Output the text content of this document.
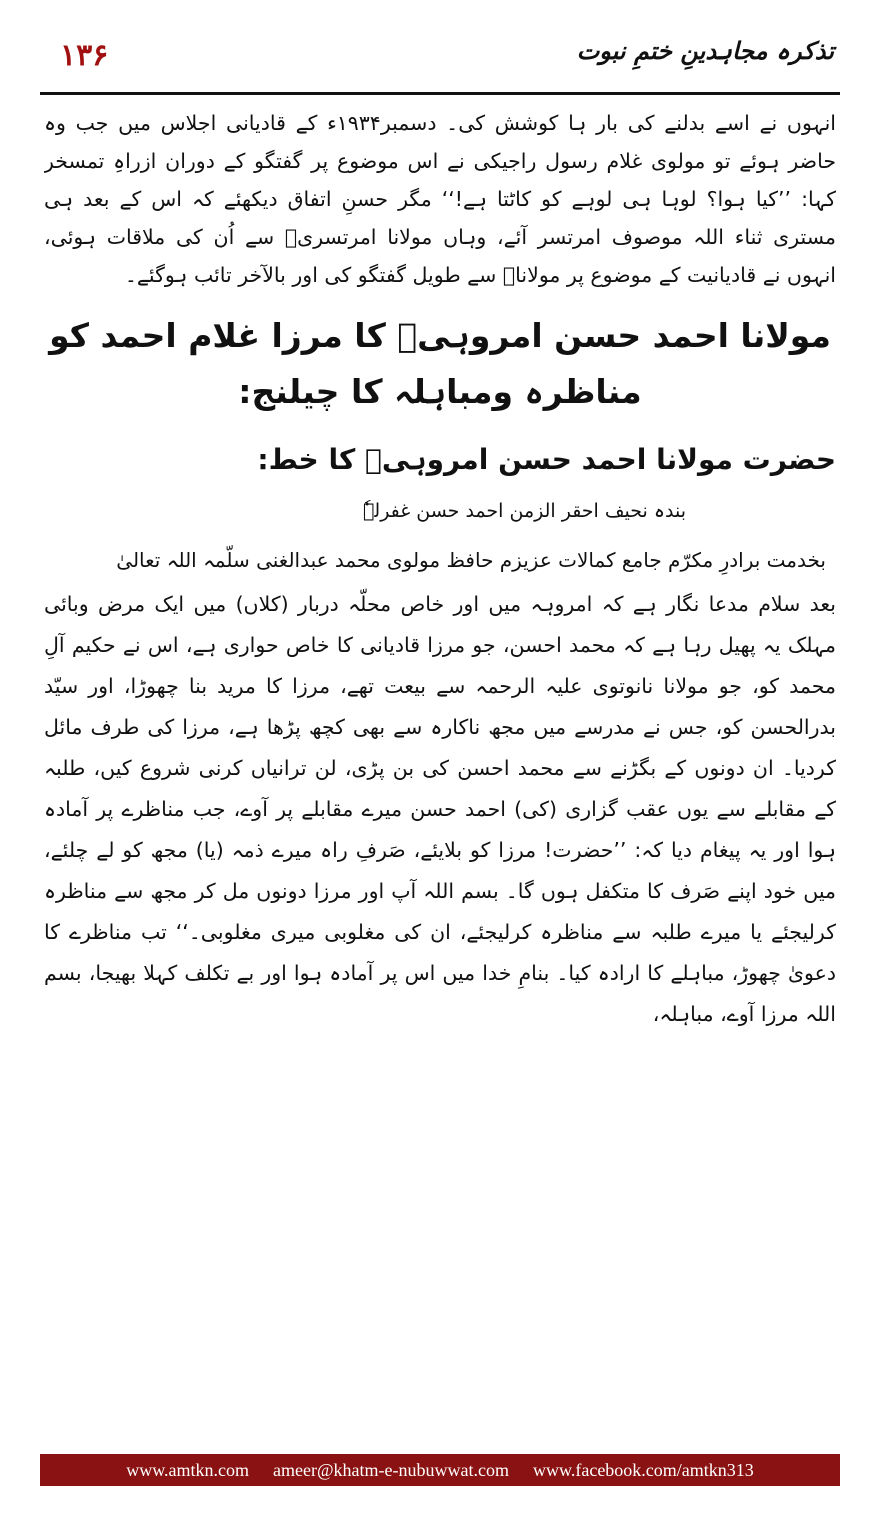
۱۳۶	تذکرہ مجاہدینِ ختمِ نبوت

انہوں نے اسے بدلنے کی بار ہا کوشش کی۔ دسمبر۱۹۳۴ء کے قادیانی اجلاس میں جب وہ حاضر ہوئے تو مولوی غلام رسول راجیکی نے اس موضوع پر گفتگو کے دوران ازراہِ تمسخر کہا: ’’کیا ہوا؟ لوہا ہی لوہے کو کاٹتا ہے!‘‘ مگر حسنِ اتفاق دیکھئے کہ اس کے بعد ہی مستری ثناء اللہ موصوف امرتسر آئے، وہاں مولانا امرتسریؒ سے اُن کی ملاقات ہوئی، انہوں نے قادیانیت کے موضوع پر مولاناؒ سے طویل گفتگو کی اور بالآخر تائب ہوگئے۔

مولانا احمد حسن امروہیؒ کا مرزا غلام احمد کو
مناظرہ ومباہلہ کا چیلنج:
حضرت مولانا احمد حسن امروہیؒ کا خط:
بندہ نحیف احقر الزمن احمد حسن غفرلہٗ
بخدمت برادرِ مکرّم جامع کمالات عزیزم حافظ مولوی محمد عبدالغنی سلّمہ اللہ تعالیٰ

بعد سلام مدعا نگار ہے کہ امروہہ میں اور خاص محلّہ دربار (کلاں) میں ایک مرض وبائی مہلک یہ پھیل رہا ہے کہ محمد احسن، جو مرزا قادیانی کا خاص حواری ہے، اس نے حکیم آلِ محمد کو، جو مولانا نانوتوی علیہ الرحمہ سے بیعت تھے، مرزا کا مرید بنا چھوڑا، اور سیّد بدرالحسن کو، جس نے مدرسے میں مجھ ناکارہ سے بھی کچھ پڑھا ہے، مرزا کی طرف مائل کردیا۔ ان دونوں کے بگڑنے سے محمد احسن کی بن پڑی، لن ترانیاں کرنی شروع کیں، طلبہ کے مقابلے سے یوں عقب گزاری (کی) احمد حسن میرے مقابلے پر آوے، جب مناظرے پر آمادہ ہوا اور یہ پیغام دیا کہ: ’’حضرت! مرزا کو بلایئے، صَرفِ راہ میرے ذمہ (یا) مجھ کو لے چلئے، میں خود اپنے صَرف کا متکفل ہوں گا۔ بسم اللہ آپ اور مرزا دونوں مل کر مجھ سے مناظرہ کرلیجئے یا میرے طلبہ سے مناظرہ کرلیجئے، ان کی مغلوبی میری مغلوبی۔‘‘ تب مناظرے کا دعویٰ چھوڑ، مباہلے کا ارادہ کیا۔ بنامِ خدا میں اس پر آمادہ ہوا اور بے تکلف کہلا بھیجا، بسم اللہ مرزا آوے، مباہلہ،

www.amtkn.com ameer@khatm-e-nubuwwat.com www.facebook.com/amtkn313
